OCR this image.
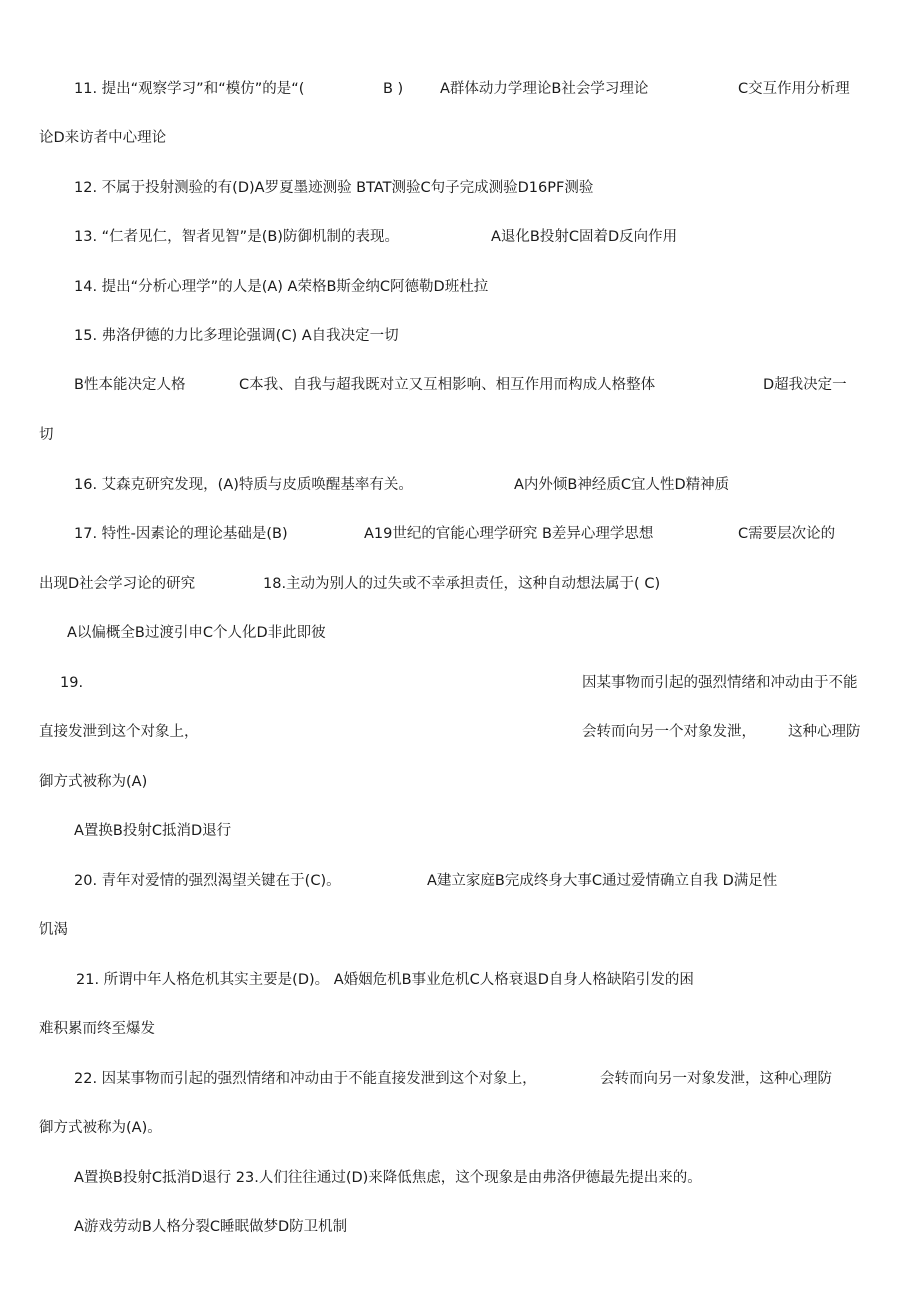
11. 提出“观察学习”和“模仿”的是“(	B )	A群体动力学理论B社会学习理论	C交互作用分析理
论D来访者中心理论
12. 不属于投射测验的有(D)A罗夏墨迹测验 BTAT测验C句子完成测验D16PF测验
13. “仁者见仁，智者见智”是(B)防御机制的表现。	A退化B投射C固着D反向作用
14. 提出“分析心理学”的人是(A) A荣格B斯金纳C阿德勒D班杜拉
15. 弗洛伊德的力比多理论强调(C) A自我决定一切
B性本能决定人格	C本我、自我与超我既对立又互相影响、相互作用而构成人格整体	D超我决定一
切
16. 艾森克研究发现，(A)特质与皮质唤醒基率有关。	A内外倾B神经质C宜人性D精神质
17. 特性-因素论的理论基础是(B)	A19世纪的官能心理学研究 B差异心理学思想	C需要层次论的
出现D社会学习论的研究	18.主动为别人的过失或不幸承担责任，这种自动想法属于( C)
A以偏概全B过渡引申C个人化D非此即彼
19.	因某事物而引起的强烈情绪和冲动由于不能
直接发泄到这个对象上，	会转而向另一个对象发泄， 这种心理防
御方式被称为(A)
A置换B投射C抵消D退行
20. 青年对爱情的强烈渴望关键在于(C)。	A建立家庭B完成终身大事C通过爱情确立自我 D满足性
饥渴
21. 所谓中年人格危机其实主要是(D)。 A婚姻危机B事业危机C人格衰退D自身人格缺陷引发的困
难积累而终至爆发
22. 因某事物而引起的强烈情绪和冲动由于不能直接发泄到这个对象上，	会转而向另一对象发泄，这种心理防
御方式被称为(A)。
A置换B投射C抵消D退行 23.人们往往通过(D)来降低焦虑，这个现象是由弗洛伊德最先提出来的。
A游戏劳动B人格分裂C睡眠做梦D防卫机制
